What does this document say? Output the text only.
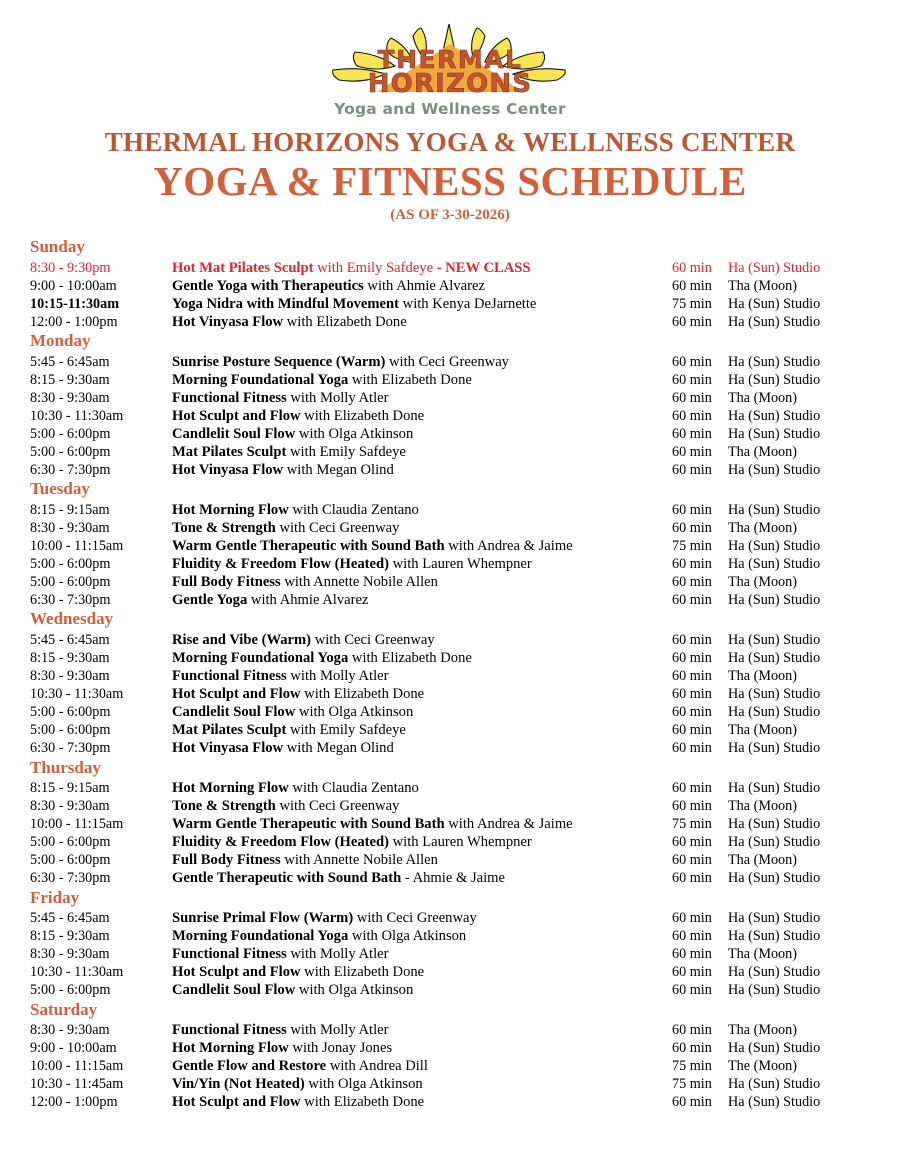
THERMAL
HORIZONS
Yoga and Wellness Center
THERMAL HORIZONS YOGA & WELLNESS CENTER
YOGA & FITNESS SCHEDULE
(AS OF 3-30-2026)
Sunday
8:30 - 9:30pm	Hot Mat Pilates Sculpt with Emily Safdeye - NEW CLASS	60 min	Ha (Sun) Studio
9:00 - 10:00am	Gentle Yoga with Therapeutics with Ahmie Alvarez	60 min	Tha (Moon)
10:15-11:30am	Yoga Nidra with Mindful Movement with Kenya DeJarnette	75 min	Ha (Sun) Studio
12:00 - 1:00pm	Hot Vinyasa Flow with Elizabeth Done	60 min	Ha (Sun) Studio
Monday
5:45 - 6:45am	Sunrise Posture Sequence (Warm) with Ceci Greenway	60 min	Ha (Sun) Studio
8:15 - 9:30am	Morning Foundational Yoga with Elizabeth Done	60 min	Ha (Sun) Studio
8:30 - 9:30am	Functional Fitness with Molly Atler	60 min	Tha (Moon)
10:30 - 11:30am	Hot Sculpt and Flow with Elizabeth Done	60 min	Ha (Sun) Studio
5:00 - 6:00pm	Candlelit Soul Flow with Olga Atkinson	60 min	Ha (Sun) Studio
5:00 - 6:00pm	Mat Pilates Sculpt with Emily Safdeye	60 min	Tha (Moon)
6:30 - 7:30pm	Hot Vinyasa Flow with Megan Olind	60 min	Ha (Sun) Studio
Tuesday
8:15 - 9:15am	Hot Morning Flow with Claudia Zentano	60 min	Ha (Sun) Studio
8:30 - 9:30am	Tone & Strength with Ceci Greenway	60 min	Tha (Moon)
10:00 - 11:15am	Warm Gentle Therapeutic with Sound Bath with Andrea & Jaime	75 min	Ha (Sun) Studio
5:00 - 6:00pm	Fluidity & Freedom Flow (Heated) with Lauren Whempner	60 min	Ha (Sun) Studio
5:00 - 6:00pm	Full Body Fitness with Annette Nobile Allen	60 min	Tha (Moon)
6:30 - 7:30pm	Gentle Yoga with Ahmie Alvarez	60 min	Ha (Sun) Studio
Wednesday
5:45 - 6:45am	Rise and Vibe (Warm) with Ceci Greenway	60 min	Ha (Sun) Studio
8:15 - 9:30am	Morning Foundational Yoga with Elizabeth Done	60 min	Ha (Sun) Studio
8:30 - 9:30am	Functional Fitness with Molly Atler	60 min	Tha (Moon)
10:30 - 11:30am	Hot Sculpt and Flow with Elizabeth Done	60 min	Ha (Sun) Studio
5:00 - 6:00pm	Candlelit Soul Flow with Olga Atkinson	60 min	Ha (Sun) Studio
5:00 - 6:00pm	Mat Pilates Sculpt with Emily Safdeye	60 min	Tha (Moon)
6:30 - 7:30pm	Hot Vinyasa Flow with Megan Olind	60 min	Ha (Sun) Studio
Thursday
8:15 - 9:15am	Hot Morning Flow with Claudia Zentano	60 min	Ha (Sun) Studio
8:30 - 9:30am	Tone & Strength with Ceci Greenway	60 min	Tha (Moon)
10:00 - 11:15am	Warm Gentle Therapeutic with Sound Bath with Andrea & Jaime	75 min	Ha (Sun) Studio
5:00 - 6:00pm	Fluidity & Freedom Flow (Heated) with Lauren Whempner	60 min	Ha (Sun) Studio
5:00 - 6:00pm	Full Body Fitness with Annette Nobile Allen	60 min	Tha (Moon)
6:30 - 7:30pm	Gentle Therapeutic with Sound Bath - Ahmie & Jaime	60 min	Ha (Sun) Studio
Friday
5:45 - 6:45am	Sunrise Primal Flow (Warm) with Ceci Greenway	60 min	Ha (Sun) Studio
8:15 - 9:30am	Morning Foundational Yoga with Olga Atkinson	60 min	Ha (Sun) Studio
8:30 - 9:30am	Functional Fitness with Molly Atler	60 min	Tha (Moon)
10:30 - 11:30am	Hot Sculpt and Flow with Elizabeth Done	60 min	Ha (Sun) Studio
5:00 - 6:00pm	Candlelit Soul Flow with Olga Atkinson	60 min	Ha (Sun) Studio
Saturday
8:30 - 9:30am	Functional Fitness with Molly Atler	60 min	Tha (Moon)
9:00 - 10:00am	Hot Morning Flow with Jonay Jones	60 min	Ha (Sun) Studio
10:00 - 11:15am	Gentle Flow and Restore with Andrea Dill	75 min	The (Moon)
10:30 - 11:45am	Vin/Yin (Not Heated) with Olga Atkinson	75 min	Ha (Sun) Studio
12:00 - 1:00pm	Hot Sculpt and Flow with Elizabeth Done	60 min	Ha (Sun) Studio
